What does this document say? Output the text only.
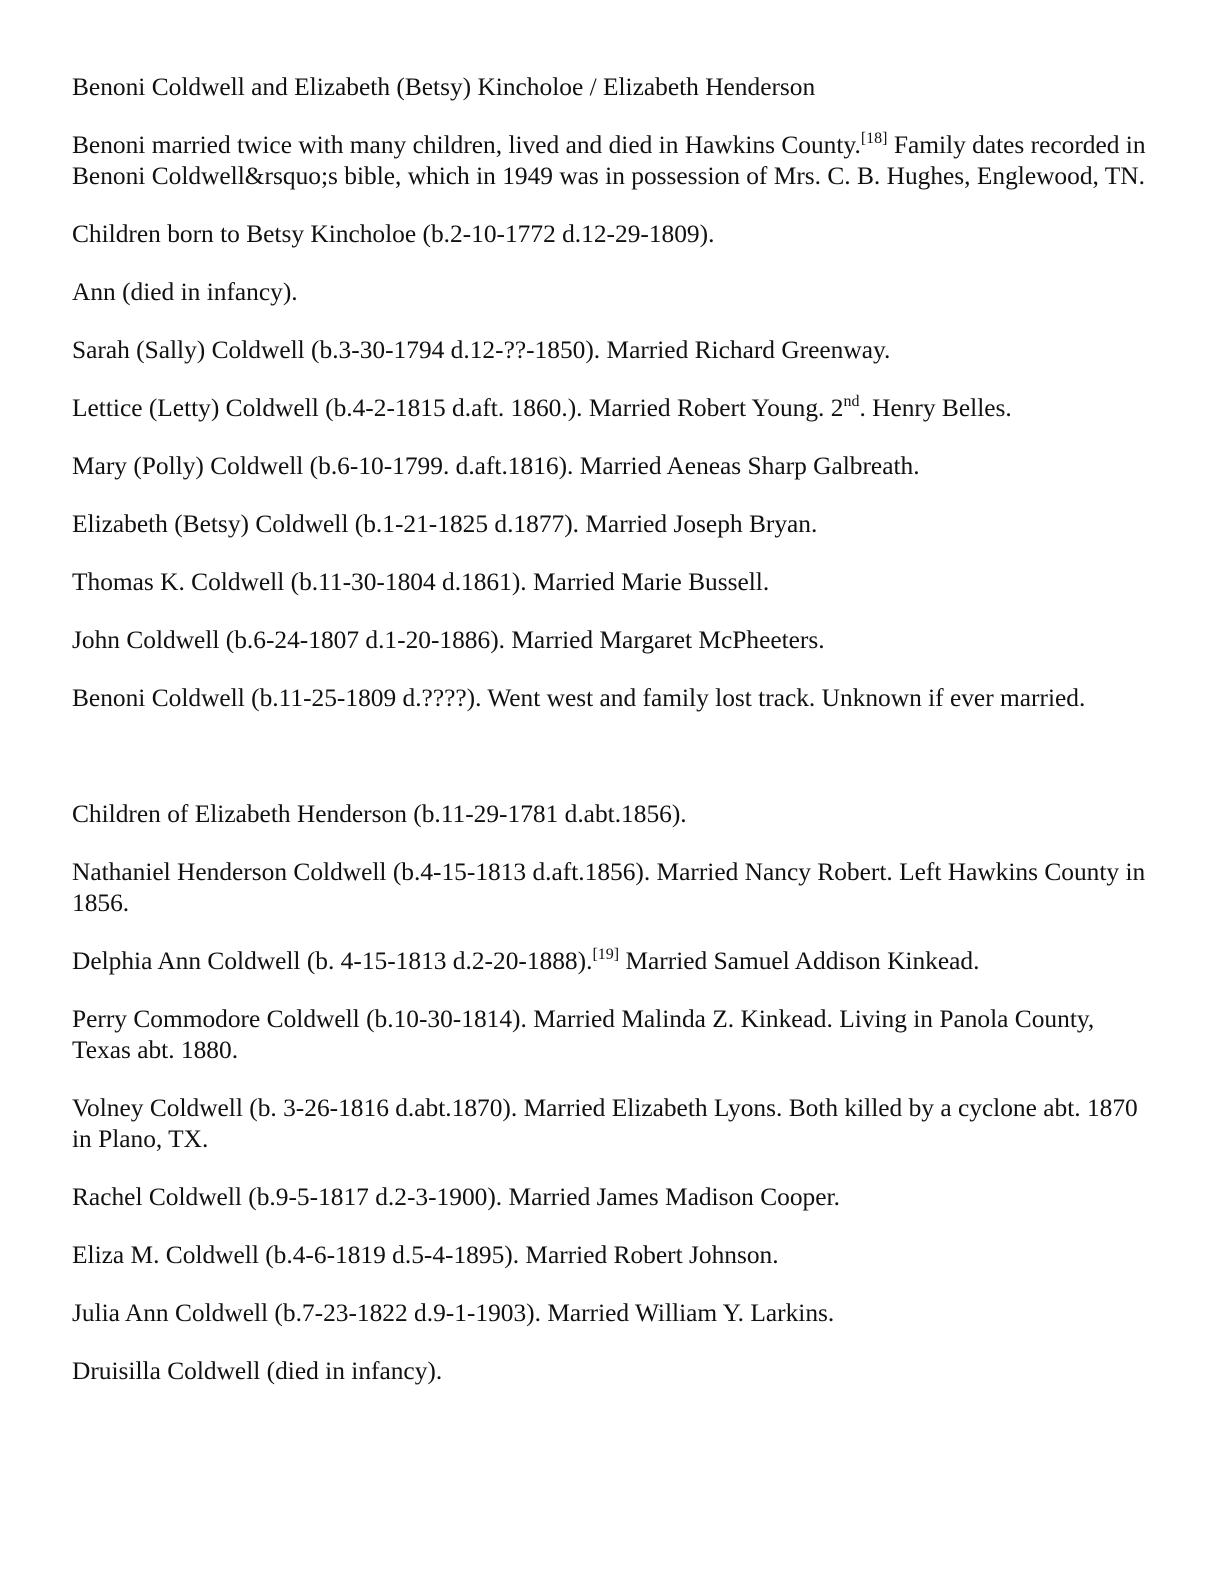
Benoni Coldwell and Elizabeth (Betsy) Kincholoe / Elizabeth Henderson

Benoni married twice with many children, lived and died in Hawkins County.[18] Family dates recorded in Benoni Coldwell&rsquo;s bible, which in 1949 was in possession of Mrs. C. B. Hughes, Englewood, TN.

Children born to Betsy Kincholoe (b.2-10-1772 d.12-29-1809).

Ann (died in infancy).

Sarah (Sally) Coldwell (b.3-30-1794 d.12-??-1850). Married Richard Greenway.

Lettice (Letty) Coldwell (b.4-2-1815 d.aft. 1860.). Married Robert Young. 2nd. Henry Belles.

Mary (Polly) Coldwell (b.6-10-1799. d.aft.1816). Married Aeneas Sharp Galbreath.

Elizabeth (Betsy) Coldwell (b.1-21-1825 d.1877). Married Joseph Bryan.

Thomas K. Coldwell (b.11-30-1804 d.1861). Married Marie Bussell.

John Coldwell (b.6-24-1807 d.1-20-1886). Married Margaret McPheeters.

Benoni Coldwell (b.11-25-1809 d.????). Went west and family lost track. Unknown if ever married.

Children of Elizabeth Henderson (b.11-29-1781 d.abt.1856).

Nathaniel Henderson Coldwell (b.4-15-1813 d.aft.1856). Married Nancy Robert. Left Hawkins County in 1856.

Delphia Ann Coldwell (b. 4-15-1813 d.2-20-1888).[19] Married Samuel Addison Kinkead.

Perry Commodore Coldwell (b.10-30-1814). Married Malinda Z. Kinkead. Living in Panola County, Texas abt. 1880.

Volney Coldwell (b. 3-26-1816 d.abt.1870). Married Elizabeth Lyons. Both killed by a cyclone abt. 1870 in Plano, TX.

Rachel Coldwell (b.9-5-1817 d.2-3-1900). Married James Madison Cooper.

Eliza M. Coldwell (b.4-6-1819 d.5-4-1895). Married Robert Johnson.

Julia Ann Coldwell (b.7-23-1822 d.9-1-1903). Married William Y. Larkins.

Druisilla Coldwell (died in infancy).
